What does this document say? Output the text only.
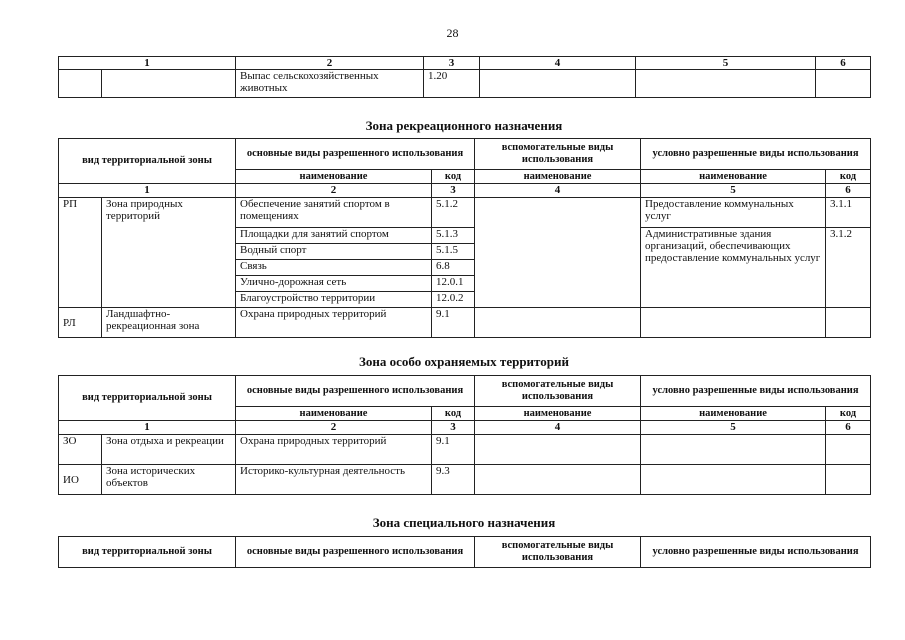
28
1		2	3	4	5	6
		Выпас сельскохозяйственных животных	1.20			
Зона рекреационного назначения
вид территориальной зоны		основные виды разрешенного использования		вспомогательные виды использования	условно разрешенные виды использования	
		наименование	код	наименование	наименование	код
1		2	3	4	5	6
РП	Зона природных территорий	Обеспечение занятий спортом в помещениях	5.1.2		Предоставление коммунальных услуг	3.1.1
		Площадки для занятий спортом	5.1.3		Административные здания организаций, обеспечивающих предоставление коммунальных услуг	3.1.2
		Водный спорт	5.1.5			
		Связь	6.8			
		Улично-дорожная сеть	12.0.1			
		Благоустройство территории	12.0.2			
РЛ	Ландшафтно-рекреационная зона	Охрана природных территорий	9.1			
Зона особо охраняемых территорий
вид территориальной зоны		основные виды разрешенного использования		вспомогательные виды использования	условно разрешенные виды использования	
		наименование	код	наименование	наименование	код
1		2	3	4	5	6
ЗО	Зона отдыха и рекреации	Охрана природных территорий	9.1			
ИО	Зона исторических объектов	Историко-культурная деятельность	9.3			
Зона специального назначения
вид территориальной зоны	основные виды разрешенного использования	вспомогательные виды использования	условно разрешенные виды использования
